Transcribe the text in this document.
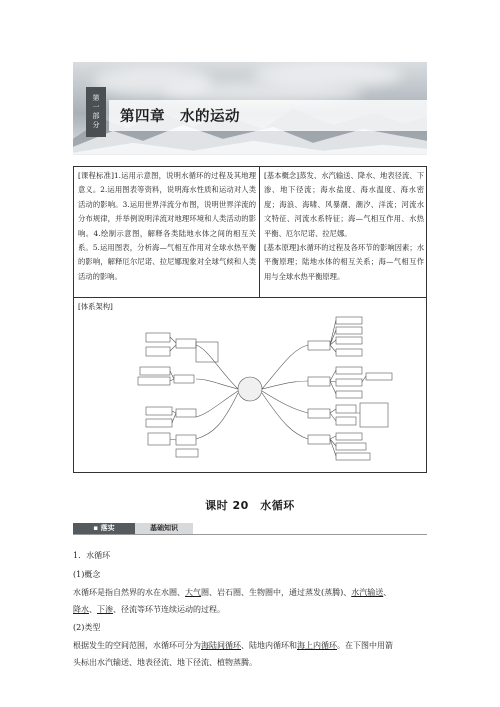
第
一
部
分 第四章　水的运动
[课程标准]1.运用示意图，说明水循环的过程及其地理意义。2.运用图表等资料，说明海水性质和运动对人类活动的影响。3.运用世界洋流分布图，说明世界洋流的分布规律，并举例说明洋流对地理环境和人类活动的影响。4.绘制示意图，解释各类陆地水体之间的相互关系。5.运用图表，分析海—气相互作用对全球水热平衡的影响，解释厄尔尼诺、拉尼娜现象对全球气候和人类活动的影响。
[基本概念]蒸发、水汽输送、降水、地表径流、下渗、地下径流；海水盐度、海水温度、海水密度；海浪、海啸、风暴潮、潮汐、洋流；河流水文特征、河流水系特征；海—气相互作用、水热平衡、厄尔尼诺、拉尼娜。
[基本原理]水循环的过程及各环节的影响因素；水平衡原理；陆地水体的相互关系；海—气相互作用与全球水热平衡原理。
[体系架构]
课时 20　水循环
▪ 落实	基础知识
1．水循环
(1)概念
水循环是指自然界的水在水圈、大气圈、岩石圈、生物圈中，通过蒸发(蒸腾)、水汽输送、
降水、下渗、径流等环节连续运动的过程。
(2)类型
根据发生的空间范围，水循环可分为海陆间循环、陆地内循环和海上内循环。在下图中用箭
头标出水汽输送、地表径流、地下径流、植物蒸腾。
